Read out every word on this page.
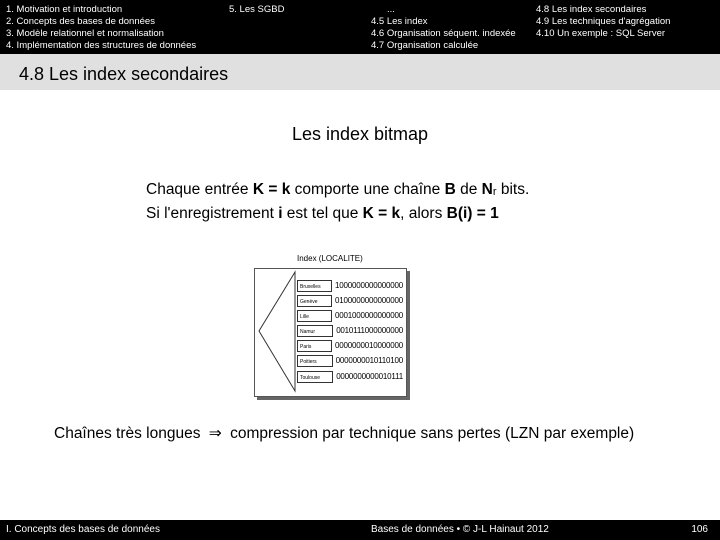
1. Motivation et introduction
2. Concepts des bases de données
3. Modèle relationnel et normalisation
4. Implémentation des structures de données
5. Les SGBD	...
4.5 Les index
4.6 Organisation séquent. indexée
4.7 Organisation calculée
4.8 Les index secondaires
4.9 Les techniques d'agrégation
4.10 Un exemple : SQL Server
4.8 Les index secondaires
Les index bitmap
Chaque entrée K = k comporte une chaîne B de $N_r$ bits.
Si l'enregistrement i est tel que K = k, alors B(i) = 1
Index (LOCALITE)
Bruxelles	1000000000000000
Genève	0100000000000000
Lille	0001000000000000
Namur	0010111000000000
Paris	0000000010000000
Poitiers	0000000010110100
Toulouse	0000000000010111
Chaînes très longues ⇒ compression par technique sans pertes (LZN par exemple)
I. Concepts des bases de données	Bases de données • © J-L Hainaut 2012	106
